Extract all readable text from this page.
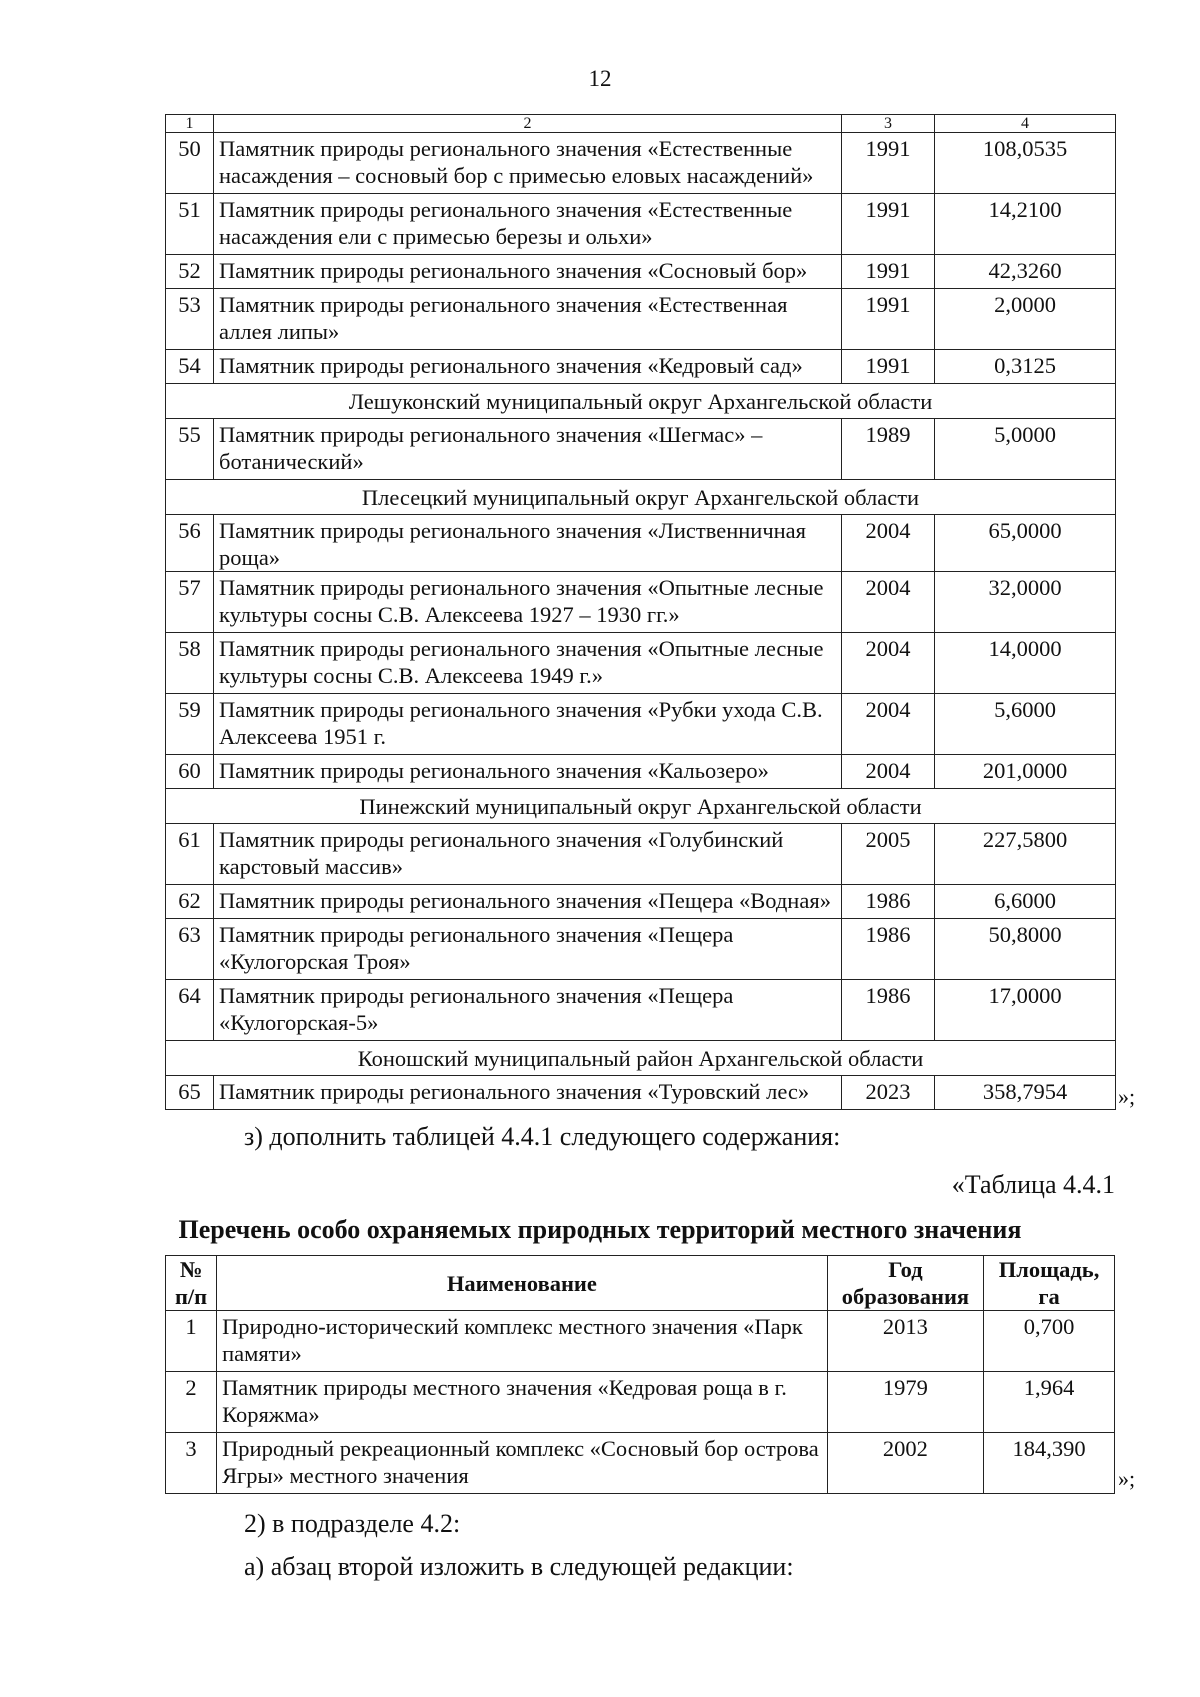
12
1	2	3	4
50	Памятник природы регионального значения «Естественные насаждения – сосновый бор с примесью еловых насаждений»	1991	108,0535
51	Памятник природы регионального значения «Естественные насаждения ели с примесью березы и ольхи»	1991	14,2100
52	Памятник природы регионального значения «Сосновый бор»	1991	42,3260
53	Памятник природы регионального значения «Естественная аллея липы»	1991	2,0000
54	Памятник природы регионального значения «Кедровый сад»	1991	0,3125
Лешуконский муниципальный округ Архангельской области			
55	Памятник природы регионального значения «Шегмас» – ботанический»	1989	5,0000
Плесецкий муниципальный округ Архангельской области			
56	Памятник природы регионального значения «Лиственничная роща»	2004	65,0000
57	Памятник природы регионального значения «Опытные лесные культуры сосны С.В. Алексеева 1927 – 1930 гг.»	2004	32,0000
58	Памятник природы регионального значения «Опытные лесные культуры сосны С.В. Алексеева 1949 г.»	2004	14,0000
59	Памятник природы регионального значения «Рубки ухода С.В. Алексеева 1951 г.	2004	5,6000
60	Памятник природы регионального значения «Кальозеро»	2004	201,0000
Пинежский муниципальный округ Архангельской области			
61	Памятник природы регионального значения «Голубинский карстовый массив»	2005	227,5800
62	Памятник природы регионального значения «Пещера «Водная»	1986	6,6000
63	Памятник природы регионального значения «Пещера «Кулогорская Троя»	1986	50,8000
64	Памятник природы регионального значения «Пещера «Кулогорская-5»	1986	17,0000
Коношский муниципальный район Архангельской области			
65	Памятник природы регионального значения «Туровский лес»	2023	358,7954 »;
з) дополнить таблицей 4.4.1 следующего содержания:
«Таблица 4.4.1
Перечень особо охраняемых природных территорий местного значения
№ п/п	Наименование	Год образования	Площадь, га
1	Природно-исторический комплекс местного значения «Парк памяти»	2013	0,700
2	Памятник природы местного значения «Кедровая роща в г. Коряжма»	1979	1,964
3	Природный рекреационный комплекс «Сосновый бор острова Ягры» местного значения	2002	184,390
»;
2) в подразделе 4.2:
а) абзац второй изложить в следующей редакции:
